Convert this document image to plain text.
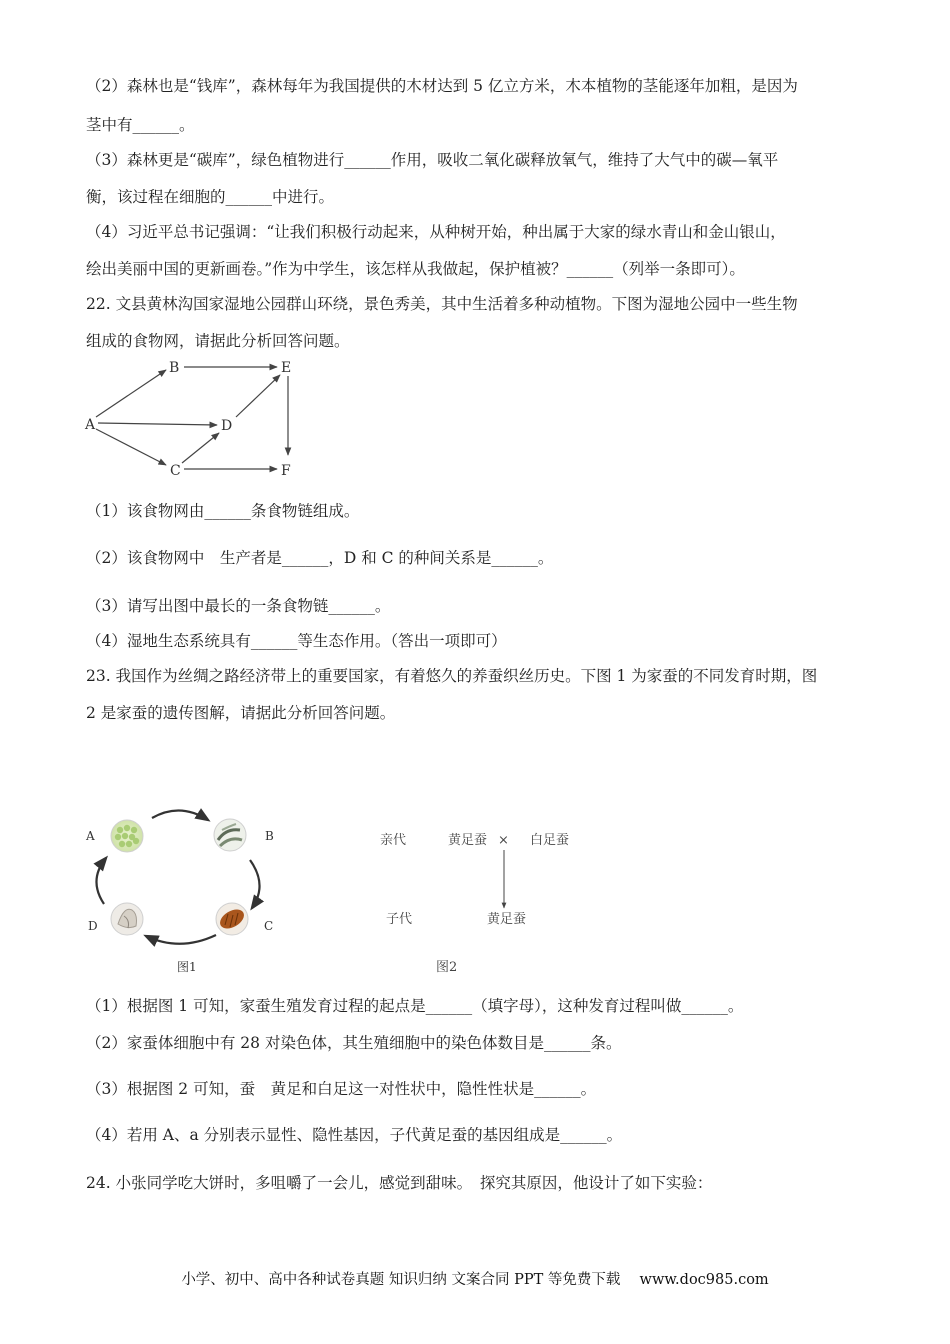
（2）森林也是“钱库”，森林每年为我国提供的木材达到 5 亿立方米，木本植物的茎能逐年加粗，是因为
茎中有______。
（3）森林更是“碳库”，绿色植物进行______作用，吸收二氧化碳释放氧气，维持了大气中的碳—氧平
衡，该过程在细胞的______中进行。
（4）习近平总书记强调：“让我们积极行动起来，从种树开始，种出属于大家的绿水青山和金山银山，
绘出美丽中国的更新画卷。”作为中学生，该怎样从我做起，保护植被？______（列举一条即可）。
22. 文县黄林沟国家湿地公园群山环绕，景色秀美，其中生活着多种动植物。下图为湿地公园中一些生物
组成的食物网，请据此分析回答问题。
（1）该食物网由______条食物链组成。
（2）该食物网中　生产者是______，D 和 C 的种间关系是______。
（3）请写出图中最长的一条食物链______。
（4）湿地生态系统具有______等生态作用。（答出一项即可）
23. 我国作为丝绸之路经济带上的重要国家，有着悠久的养蚕织丝历史。下图 1 为家蚕的不同发育时期，图
2 是家蚕的遗传图解，请据此分析回答问题。
（1）根据图 1 可知，家蚕生殖发育过程的起点是______（填字母），这种发育过程叫做______。
（2）家蚕体细胞中有 28 对染色体，其生殖细胞中的染色体数目是______条。
（3）根据图 2 可知，蚕　黄足和白足这一对性状中，隐性性状是______。
（4）若用 A、a 分别表示显性、隐性基因，子代黄足蚕的基因组成是______。
24. 小张同学吃大饼时，多咀嚼了一会儿，感觉到甜味。　探究其原因，他设计了如下实验：
A
B
C
D
E
F
A	B
C
D
图1
亲代	黄足蚕 × 白足蚕
子代	黄足蚕
图2
小学、初中、高中各种试卷真题 知识归纳 文案合同 PPT 等免费下载　 www.doc985.com
